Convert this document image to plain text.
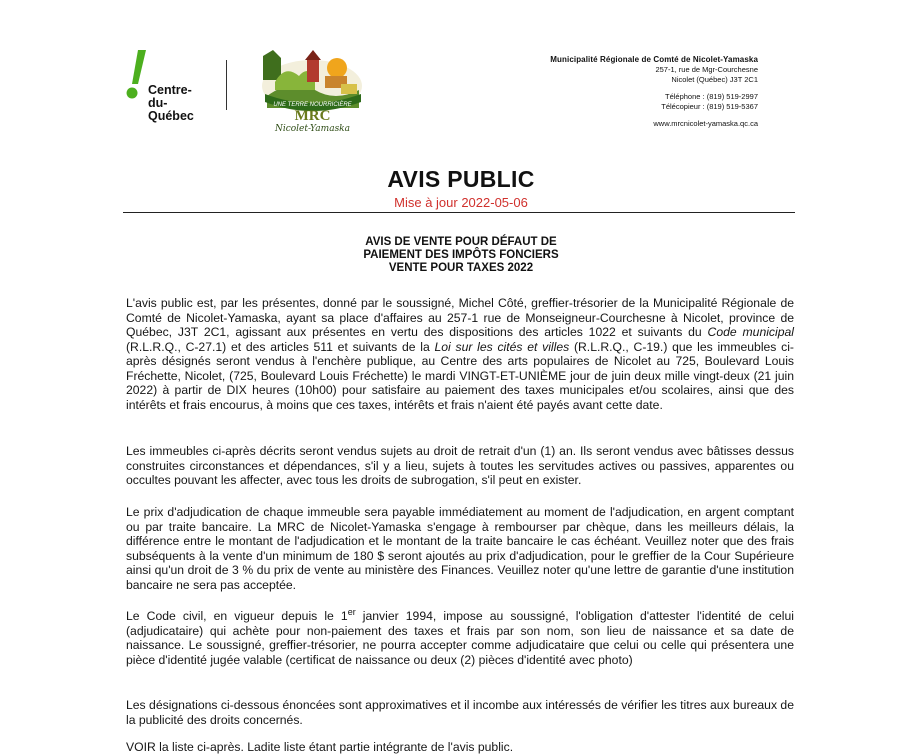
Centre-
du-
Québec
UNE TERRE NOURRICIÈRE
MRC
Nicolet-Yamaska
Municipalité Régionale de Comté de Nicolet-Yamaska
257-1, rue de Mgr-Courchesne
Nicolet (Québec) J3T 2C1
Téléphone : (819) 519-2997
Télécopieur : (819) 519-5367
www.mrcnicolet-yamaska.qc.ca
AVIS PUBLIC
Mise à jour 2022-05-06
AVIS DE VENTE POUR DÉFAUT DE
PAIEMENT DES IMPÔTS FONCIERS
VENTE POUR TAXES 2022

L'avis public est, par les présentes, donné par le soussigné, Michel Côté, greffier-trésorier de la Municipalité Régionale de Comté de Nicolet-Yamaska, ayant sa place d'affaires au 257-1 rue de Monseigneur-Courchesne à Nicolet, province de Québec, J3T 2C1, agissant aux présentes en vertu des dispositions des articles 1022 et suivants du Code municipal (R.L.R.Q., C-27.1) et des articles 511 et suivants de la Loi sur les cités et villes (R.L.R.Q., C-19.) que les immeubles ci-après désignés seront vendus à l'enchère publique, au Centre des arts populaires de Nicolet au 725, Boulevard Louis Fréchette, Nicolet, (725, Boulevard Louis Fréchette) le mardi VINGT-ET-UNIÈME jour de juin deux mille vingt-deux (21 juin 2022) à partir de DIX heures (10h00) pour satisfaire au paiement des taxes municipales et/ou scolaires, ainsi que des intérêts et frais encourus, à moins que ces taxes, intérêts et frais n'aient été payés avant cette date.

Les immeubles ci-après décrits seront vendus sujets au droit de retrait d'un (1) an. Ils seront vendus avec bâtisses dessus construites circonstances et dépendances, s'il y a lieu, sujets à toutes les servitudes actives ou passives, apparentes ou occultes pouvant les affecter, avec tous les droits de subrogation, s'il peut en exister.

Le prix d'adjudication de chaque immeuble sera payable immédiatement au moment de l'adjudication, en argent comptant ou par traite bancaire. La MRC de Nicolet-Yamaska s'engage à rembourser par chèque, dans les meilleurs délais, la différence entre le montant de l'adjudication et le montant de la traite bancaire le cas échéant. Veuillez noter que des frais subséquents à la vente d'un minimum de 180 $ seront ajoutés au prix d'adjudication, pour le greffier de la Cour Supérieure ainsi qu'un droit de 3 % du prix de vente au ministère des Finances. Veuillez noter qu'une lettre de garantie d'une institution bancaire ne sera pas acceptée.

Le Code civil, en vigueur depuis le 1er janvier 1994, impose au soussigné, l'obligation d'attester l'identité de celui (adjudicataire) qui achète pour non-paiement des taxes et frais par son nom, son lieu de naissance et sa date de naissance. Le soussigné, greffier-trésorier, ne pourra accepter comme adjudicataire que celui ou celle qui présentera une pièce d'identité jugée valable (certificat de naissance ou deux (2) pièces d'identité avec photo)

Les désignations ci-dessous énoncées sont approximatives et il incombe aux intéressés de vérifier les titres aux bureaux de la publicité des droits concernés.

VOIR la liste ci-après. Ladite liste étant partie intégrante de l'avis public.
